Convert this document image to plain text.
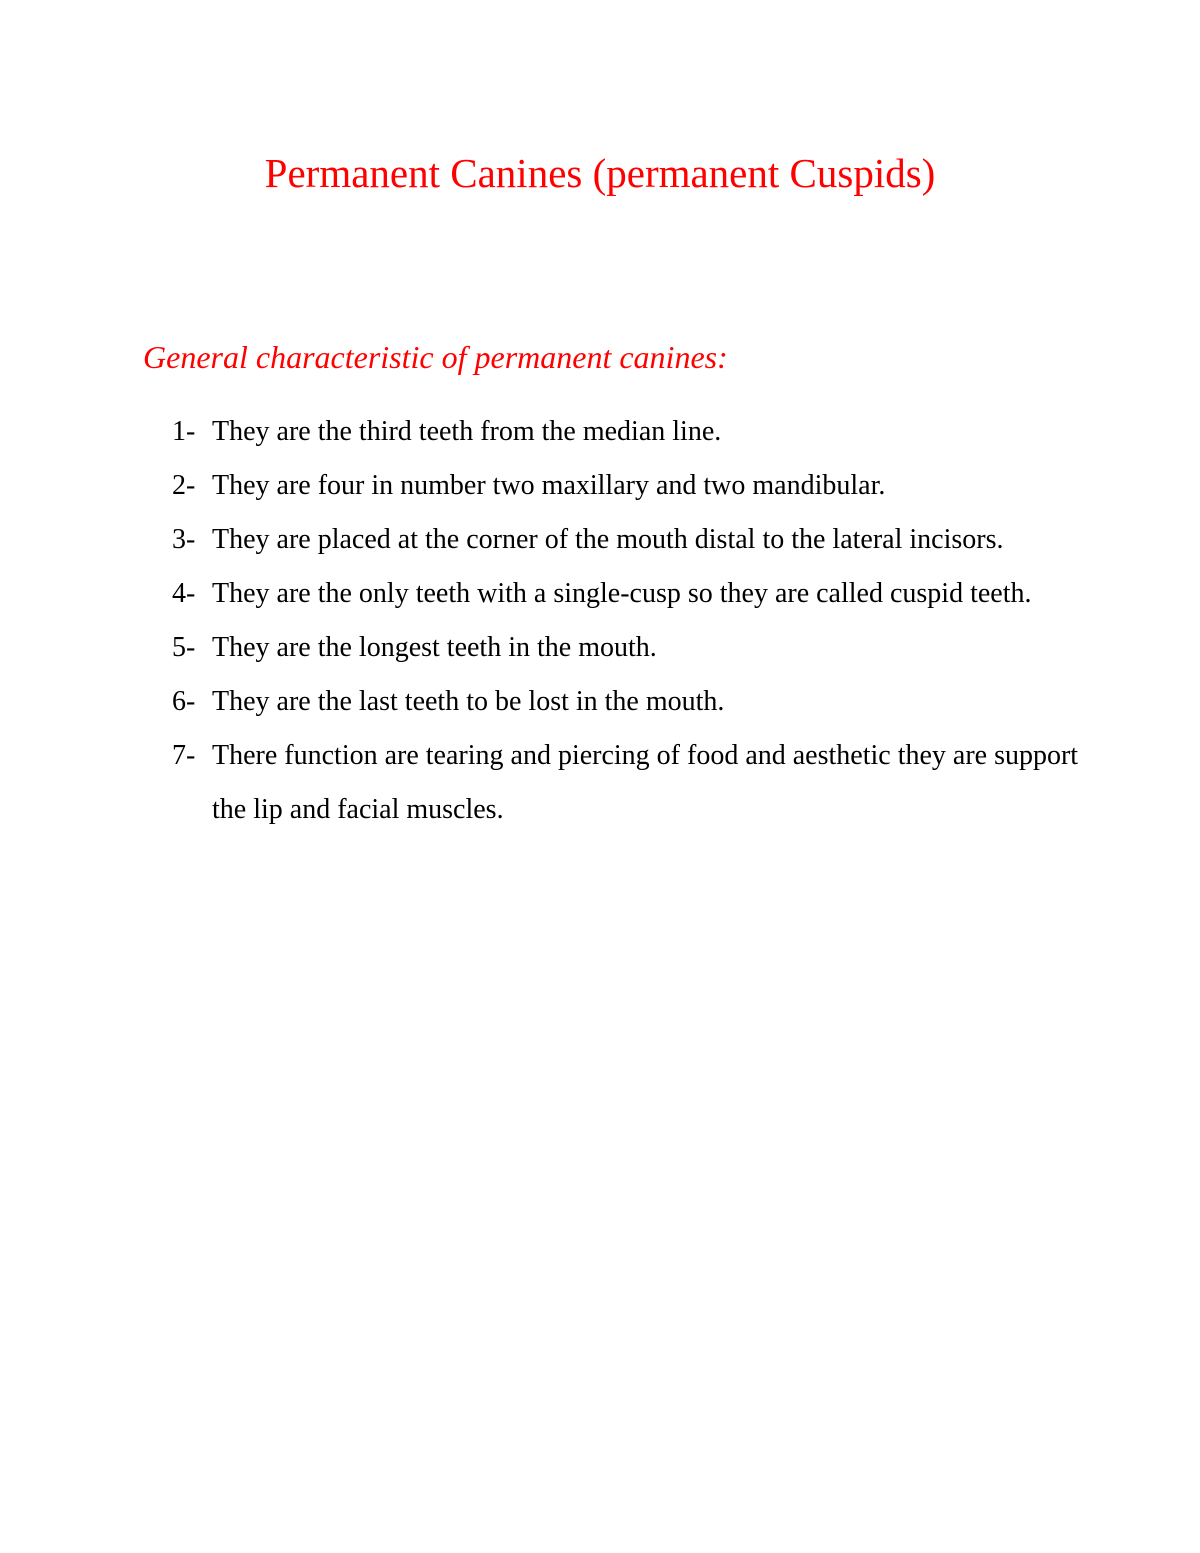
Permanent Canines (permanent Cuspids)
General characteristic of permanent canines:
1- They are the third teeth from the median line.
2- They are four in number two maxillary and two mandibular.
3- They are placed at the corner of the mouth distal to the lateral incisors.
4- They are the only teeth with a single-cusp so they are called cuspid teeth.
5- They are the longest teeth in the mouth.
6- They are the last teeth to be lost in the mouth.
7- There function are tearing and piercing of food and aesthetic they are support the lip and facial muscles.
